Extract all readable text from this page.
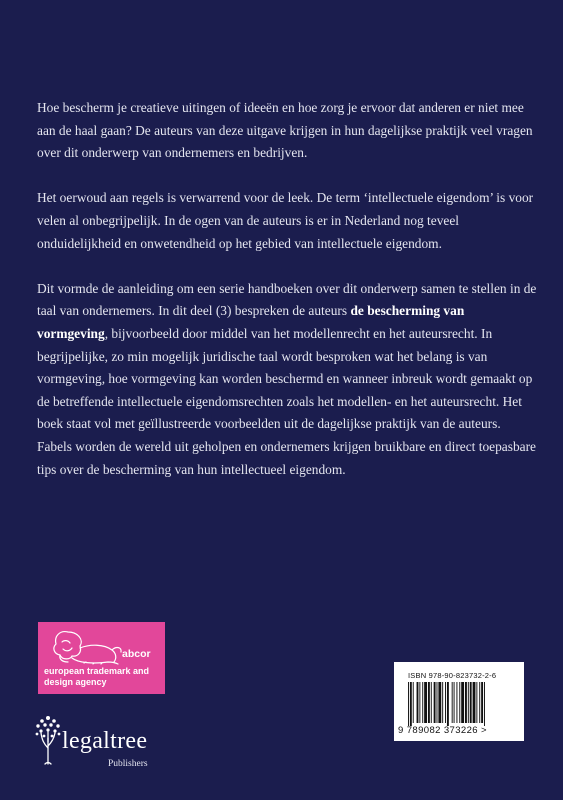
Hoe bescherm je creatieve uitingen of ideeën en hoe zorg je ervoor dat anderen er niet mee aan de haal gaan? De auteurs van deze uitgave krijgen in hun dagelijkse praktijk veel vragen over dit onderwerp van ondernemers en bedrijven.

Het oerwoud aan regels is verwarrend voor de leek. De term ‘intellectuele eigendom’ is voor velen al onbegrijpelijk. In de ogen van de auteurs is er in Nederland nog teveel onduidelijkheid en onwetendheid op het gebied van intellectuele eigendom.

Dit vormde de aanleiding om een serie handboeken over dit onderwerp samen te stellen in de taal van ondernemers. In dit deel (3) bespreken de auteurs de bescherming van vormgeving, bijvoorbeeld door middel van het modellenrecht en het auteursrecht. In begrijpelijke, zo min mogelijk juridische taal wordt besproken wat het belang is van vormgeving, hoe vormgeving kan worden beschermd en wanneer inbreuk wordt gemaakt op de betreffende intellectuele eigendomsrechten zoals het modellen- en het auteursrecht. Het boek staat vol met geïllustreerde voorbeelden uit de dagelijkse praktijk van de auteurs. Fabels worden de wereld uit geholpen en ondernemers krijgen bruikbare en direct toepasbare tips over de bescherming van hun intellectueel eigendom.

abcor
european trademark and design agency
legaltree
Publishers
ISBN 978-90-823732-2-6
9 789082 373226 >
